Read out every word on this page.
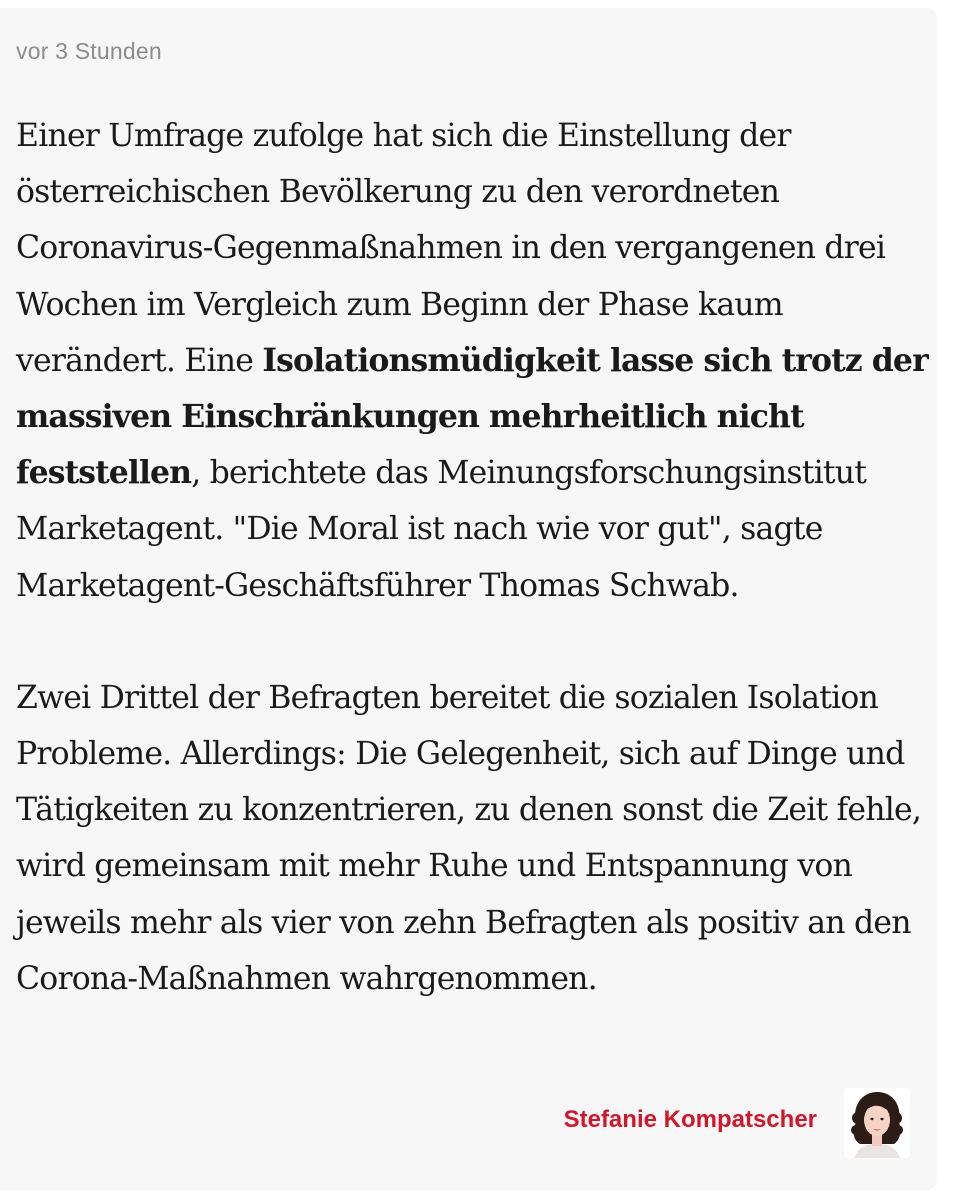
vor 3 Stunden

Einer Umfrage zufolge hat sich die Einstellung der österreichischen Bevölkerung zu den verordneten Coronavirus-Gegenmaßnahmen in den vergangenen drei Wochen im Vergleich zum Beginn der Phase kaum verändert. Eine Isolationsmüdigkeit lasse sich trotz der massiven Einschränkungen mehrheitlich nicht feststellen, berichtete das Meinungsforschungsinstitut Marketagent. "Die Moral ist nach wie vor gut", sagte Marketagent-Geschäftsführer Thomas Schwab.

Zwei Drittel der Befragten bereitet die sozialen Isolation Probleme. Allerdings: Die Gelegenheit, sich auf Dinge und Tätigkeiten zu konzentrieren, zu denen sonst die Zeit fehle, wird gemeinsam mit mehr Ruhe und Entspannung von jeweils mehr als vier von zehn Befragten als positiv an den Corona-Maßnahmen wahrgenommen.

Stefanie Kompatscher
